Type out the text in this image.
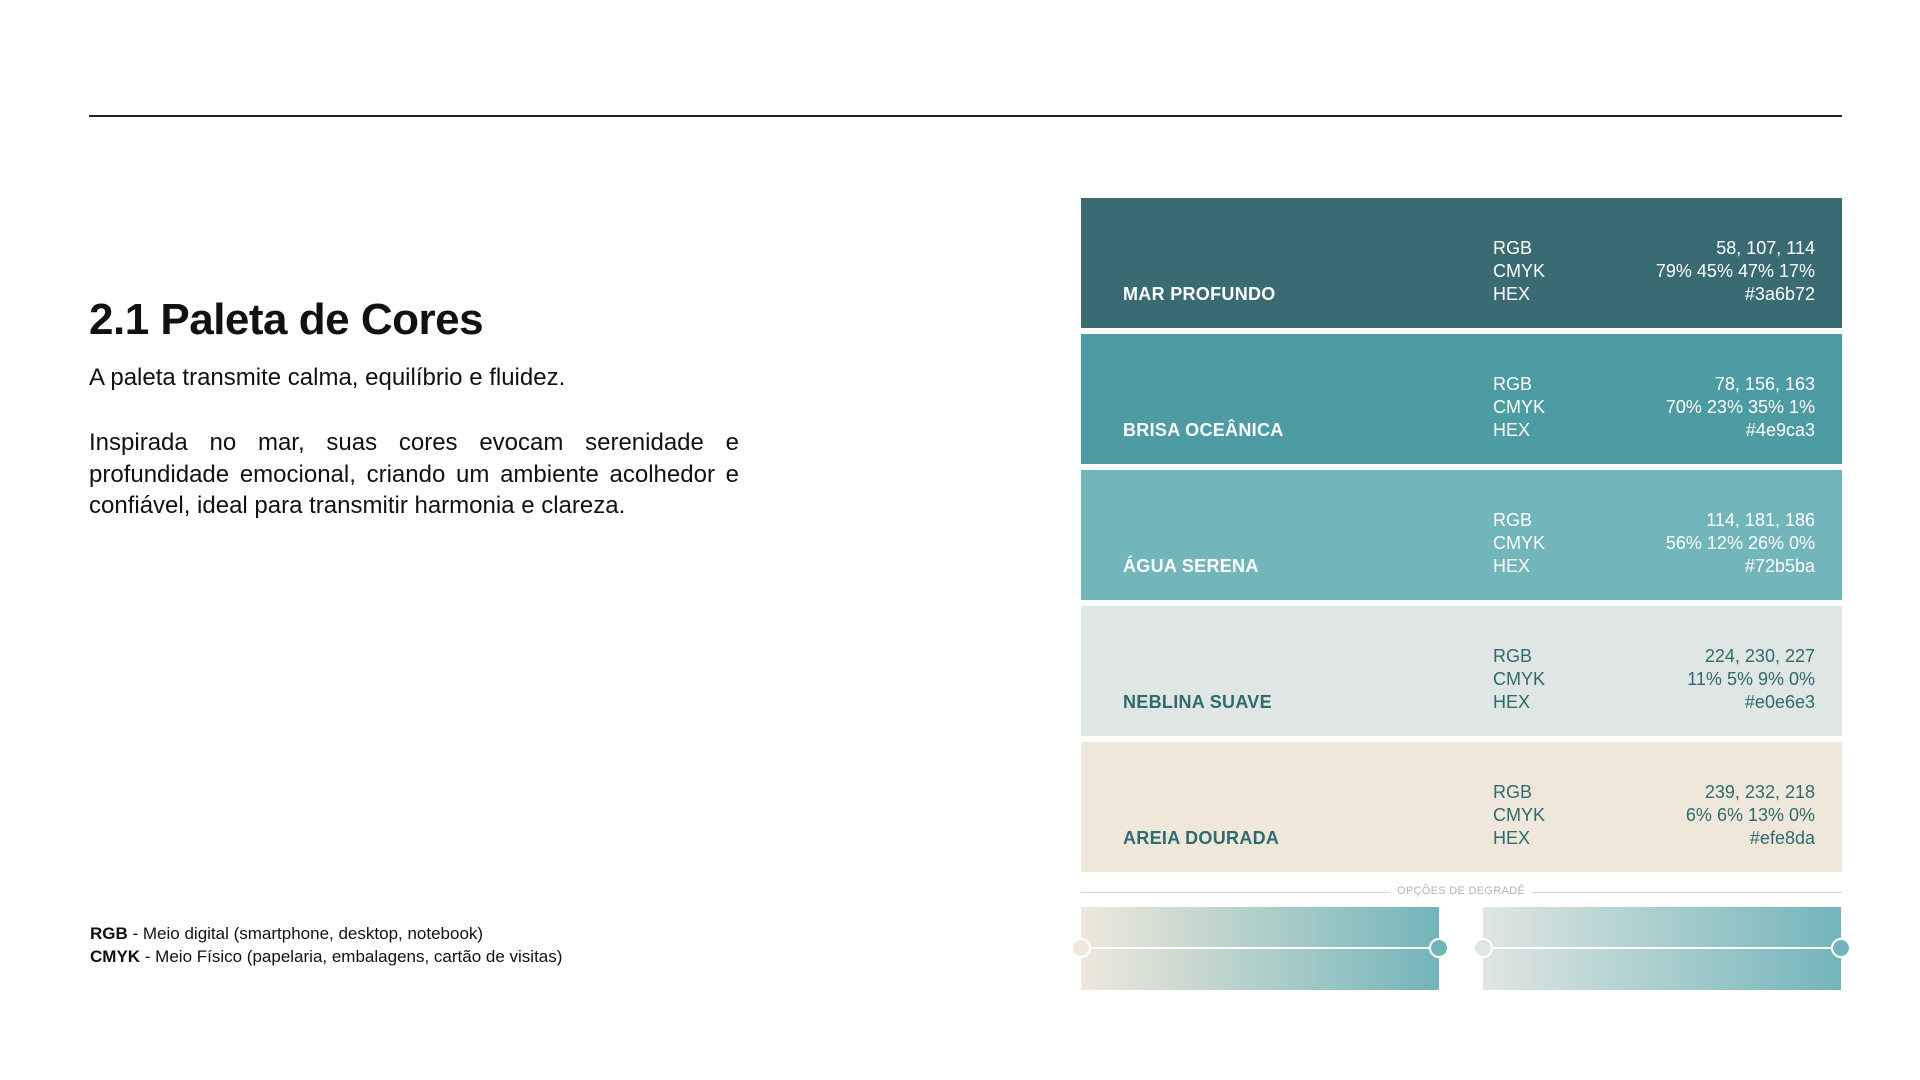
2.1 Paleta de Cores

A paleta transmite calma, equilíbrio e fluidez.

Inspirada no mar, suas cores evocam serenidade e profundidade emocional, criando um ambiente acolhedor e confiável, ideal para transmitir harmonia e clareza.

RGB - Meio digital (smartphone, desktop, notebook)
CMYK - Meio Físico (papelaria, embalagens, cartão de visitas)
MAR PROFUNDO
RGB
CMYK
HEX
58, 107, 114
79% 45% 47% 17%
#3a6b72
BRISA OCEÂNICA
RGB
CMYK
HEX
78, 156, 163
70% 23% 35% 1%
#4e9ca3
ÁGUA SERENA
RGB
CMYK
HEX
114, 181, 186
56% 12% 26% 0%
#72b5ba
NEBLINA SUAVE
RGB
CMYK
HEX
224, 230, 227
11% 5% 9% 0%
#e0e6e3
AREIA DOURADA
RGB
CMYK
HEX
239, 232, 218
6% 6% 13% 0%
#efe8da
OPÇÕES DE DEGRADÊ
